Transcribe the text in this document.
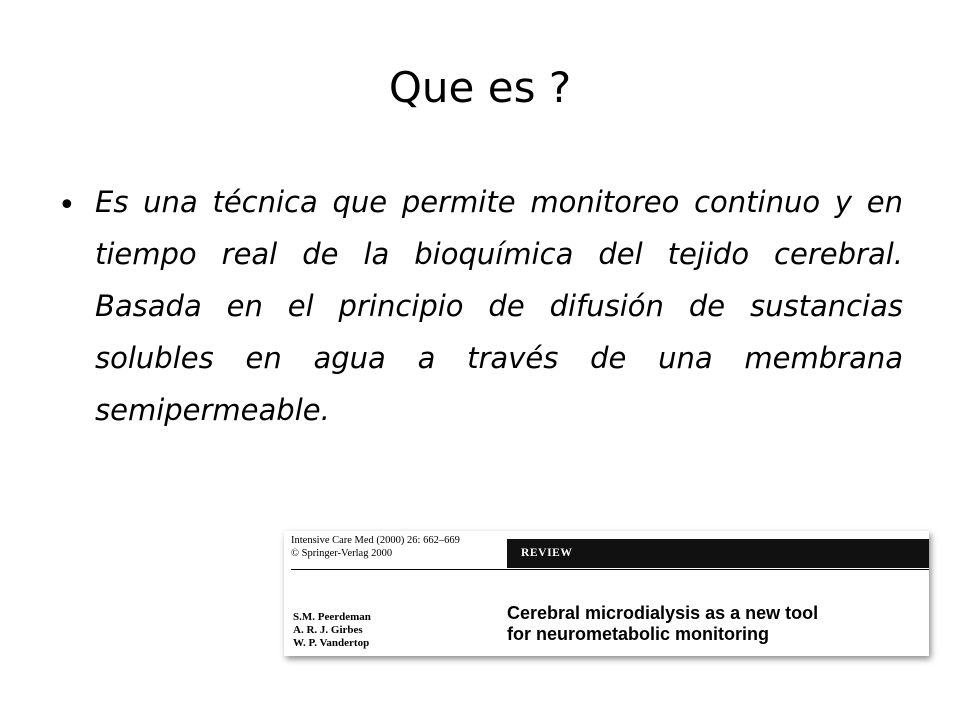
Que es ?
• Es una técnica que permite monitoreo continuo y en tiempo real de la bioquímica del tejido cerebral. Basada en el principio de difusión de sustancias solubles en agua a través de una membrana semipermeable.
Intensive Care Med (2000) 26: 662–669
© Springer-Verlag 2000	REVIEW
S.M. Peerdeman
A. R. J. Girbes
W. P. Vandertop
Cerebral microdialysis as a new tool
for neurometabolic monitoring
